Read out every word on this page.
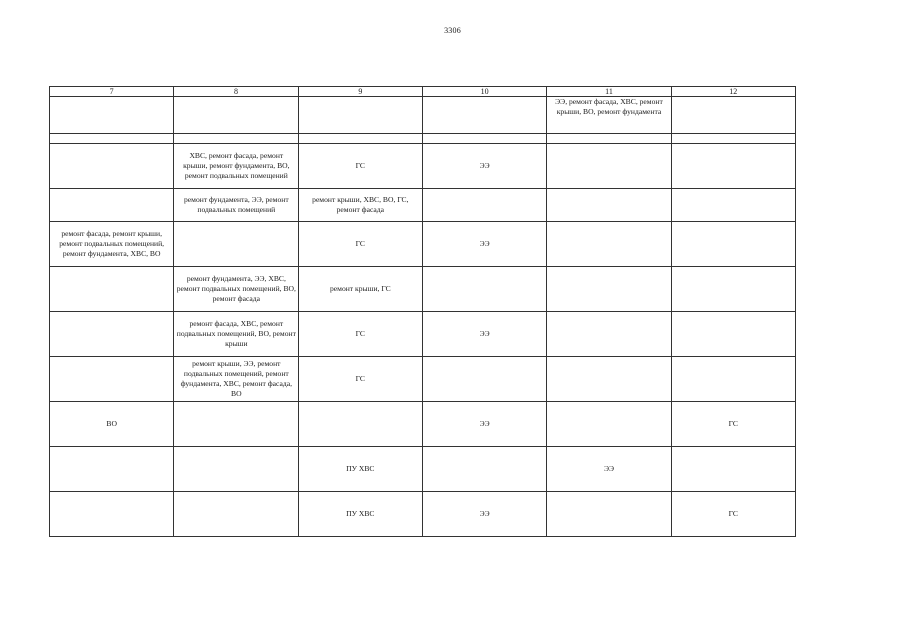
3306
7	8	9	10	11	12

				ЭЭ, ремонт фасада, ХВС, ремонт крыши, ВО, ремонт фундамента	

	ХВС, ремонт фасада, ремонт крыши, ремонт фундамента, ВО, ремонт подвальных помещений	ГС	ЭЭ		

	ремонт фундамента, ЭЭ, ремонт подвальных помещений	ремонт крыши, ХВС, ВО, ГС, ремонт фасада			

ремонт фасада, ремонт крыши, ремонт подвальных помещений, ремонт фундамента, ХВС, ВО		ГС	ЭЭ		

	ремонт фундамента, ЭЭ, ХВС, ремонт подвальных помещений, ВО, ремонт фасада	ремонт крыши, ГС			

	ремонт фасада, ХВС, ремонт подвальных помещений, ВО, ремонт крыши	ГС	ЭЭ		

	ремонт крыши, ЭЭ, ремонт подвальных помещений, ремонт фундамента, ХВС, ремонт фасада, ВО	ГС			

ВО			ЭЭ		ГС

		ПУ ХВС		ЭЭ	

		ПУ ХВС	ЭЭ		ГС
